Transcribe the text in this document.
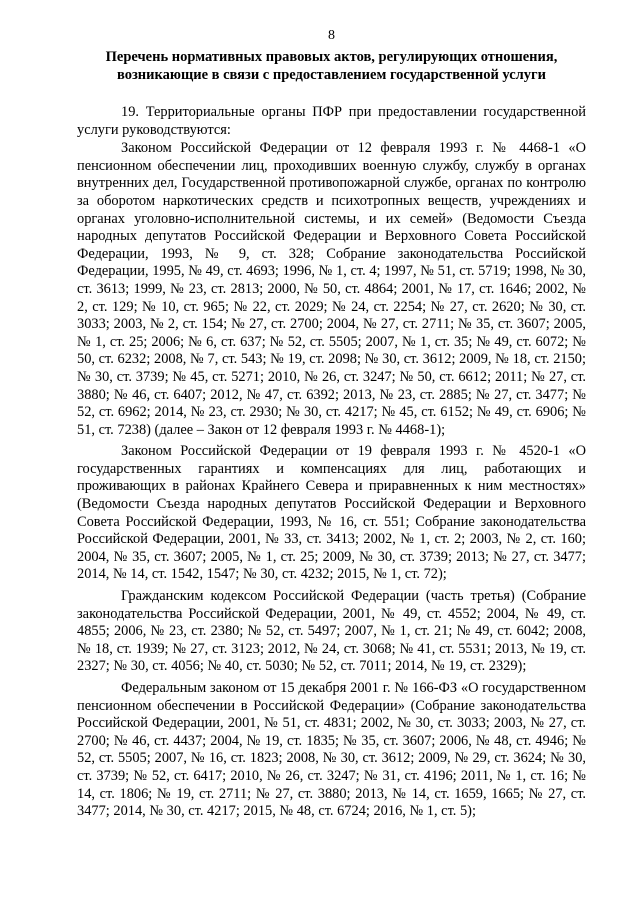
8
Перечень нормативных правовых актов, регулирующих отношения,
возникающие в связи с предоставлением государственной услуги

19. Территориальные органы ПФР при предоставлении государственной услуги руководствуются:

Законом Российской Федерации от 12 февраля 1993 г. № 4468-1 «О пенсионном обеспечении лиц, проходивших военную службу, службу в органах внутренних дел, Государственной противопожарной службе, органах по контролю за оборотом наркотических средств и психотропных веществ, учреждениях и органах уголовно-исполнительной системы, и их семей» (Ведомости Съезда народных депутатов Российской Федерации и Верховного Совета Российской Федерации, 1993, № 9, ст. 328; Собрание законодательства Российской Федерации, 1995, № 49, ст. 4693; 1996, № 1, ст. 4; 1997, № 51, ст. 5719; 1998, № 30, ст. 3613; 1999, № 23, ст. 2813; 2000, № 50, ст. 4864; 2001, № 17, ст. 1646; 2002, № 2, ст. 129; № 10, ст. 965; № 22, ст. 2029; № 24, ст. 2254; № 27, ст. 2620; № 30, ст. 3033; 2003, № 2, ст. 154; № 27, ст. 2700; 2004, № 27, ст. 2711; № 35, ст. 3607; 2005, № 1, ст. 25; 2006; № 6, ст. 637; № 52, ст. 5505; 2007, № 1, ст. 35; № 49, ст. 6072; № 50, ст. 6232; 2008, № 7, ст. 543; № 19, ст. 2098; № 30, ст. 3612; 2009, № 18, ст. 2150; № 30, ст. 3739; № 45, ст. 5271; 2010, № 26, ст. 3247; № 50, ст. 6612; 2011; № 27, ст. 3880; № 46, ст. 6407; 2012, № 47, ст. 6392; 2013, № 23, ст. 2885; № 27, ст. 3477; № 52, ст. 6962; 2014, № 23, ст. 2930; № 30, ст. 4217; № 45, ст. 6152; № 49, ст. 6906; № 51, ст. 7238) (далее – Закон от 12 февраля 1993 г. № 4468-1);

Законом Российской Федерации от 19 февраля 1993 г. № 4520-1 «О государственных гарантиях и компенсациях для лиц, работающих и проживающих в районах Крайнего Севера и приравненных к ним местностях» (Ведомости Съезда народных депутатов Российской Федерации и Верховного Совета Российской Федерации, 1993, № 16, ст. 551; Собрание законодательства Российской Федерации, 2001, № 33, ст. 3413; 2002, № 1, ст. 2; 2003, № 2, ст. 160; 2004, № 35, ст. 3607; 2005, № 1, ст. 25; 2009, № 30, ст. 3739; 2013; № 27, ст. 3477; 2014, № 14, ст. 1542, 1547; № 30, ст. 4232; 2015, № 1, ст. 72);

Гражданским кодексом Российской Федерации (часть третья) (Собрание законодательства Российской Федерации, 2001, № 49, ст. 4552; 2004, № 49, ст. 4855; 2006, № 23, ст. 2380; № 52, ст. 5497; 2007, № 1, ст. 21; № 49, ст. 6042; 2008, № 18, ст. 1939; № 27, ст. 3123; 2012, № 24, ст. 3068; № 41, ст. 5531; 2013, № 19, ст. 2327; № 30, ст. 4056; № 40, ст. 5030; № 52, ст. 7011; 2014, № 19, ст. 2329);

Федеральным законом от 15 декабря 2001 г. № 166-ФЗ «О государственном пенсионном обеспечении в Российской Федерации» (Собрание законодательства Российской Федерации, 2001, № 51, ст. 4831; 2002, № 30, ст. 3033; 2003, № 27, ст. 2700; № 46, ст. 4437; 2004, № 19, ст. 1835; № 35, ст. 3607; 2006, № 48, ст. 4946; № 52, ст. 5505; 2007, № 16, ст. 1823; 2008, № 30, ст. 3612; 2009, № 29, ст. 3624; № 30, ст. 3739; № 52, ст. 6417; 2010, № 26, ст. 3247; № 31, ст. 4196; 2011, № 1, ст. 16; № 14, ст. 1806; № 19, ст. 2711; № 27, ст. 3880; 2013, № 14, ст. 1659, 1665; № 27, ст. 3477; 2014, № 30, ст. 4217; 2015, № 48, ст. 6724; 2016, № 1, ст. 5);
